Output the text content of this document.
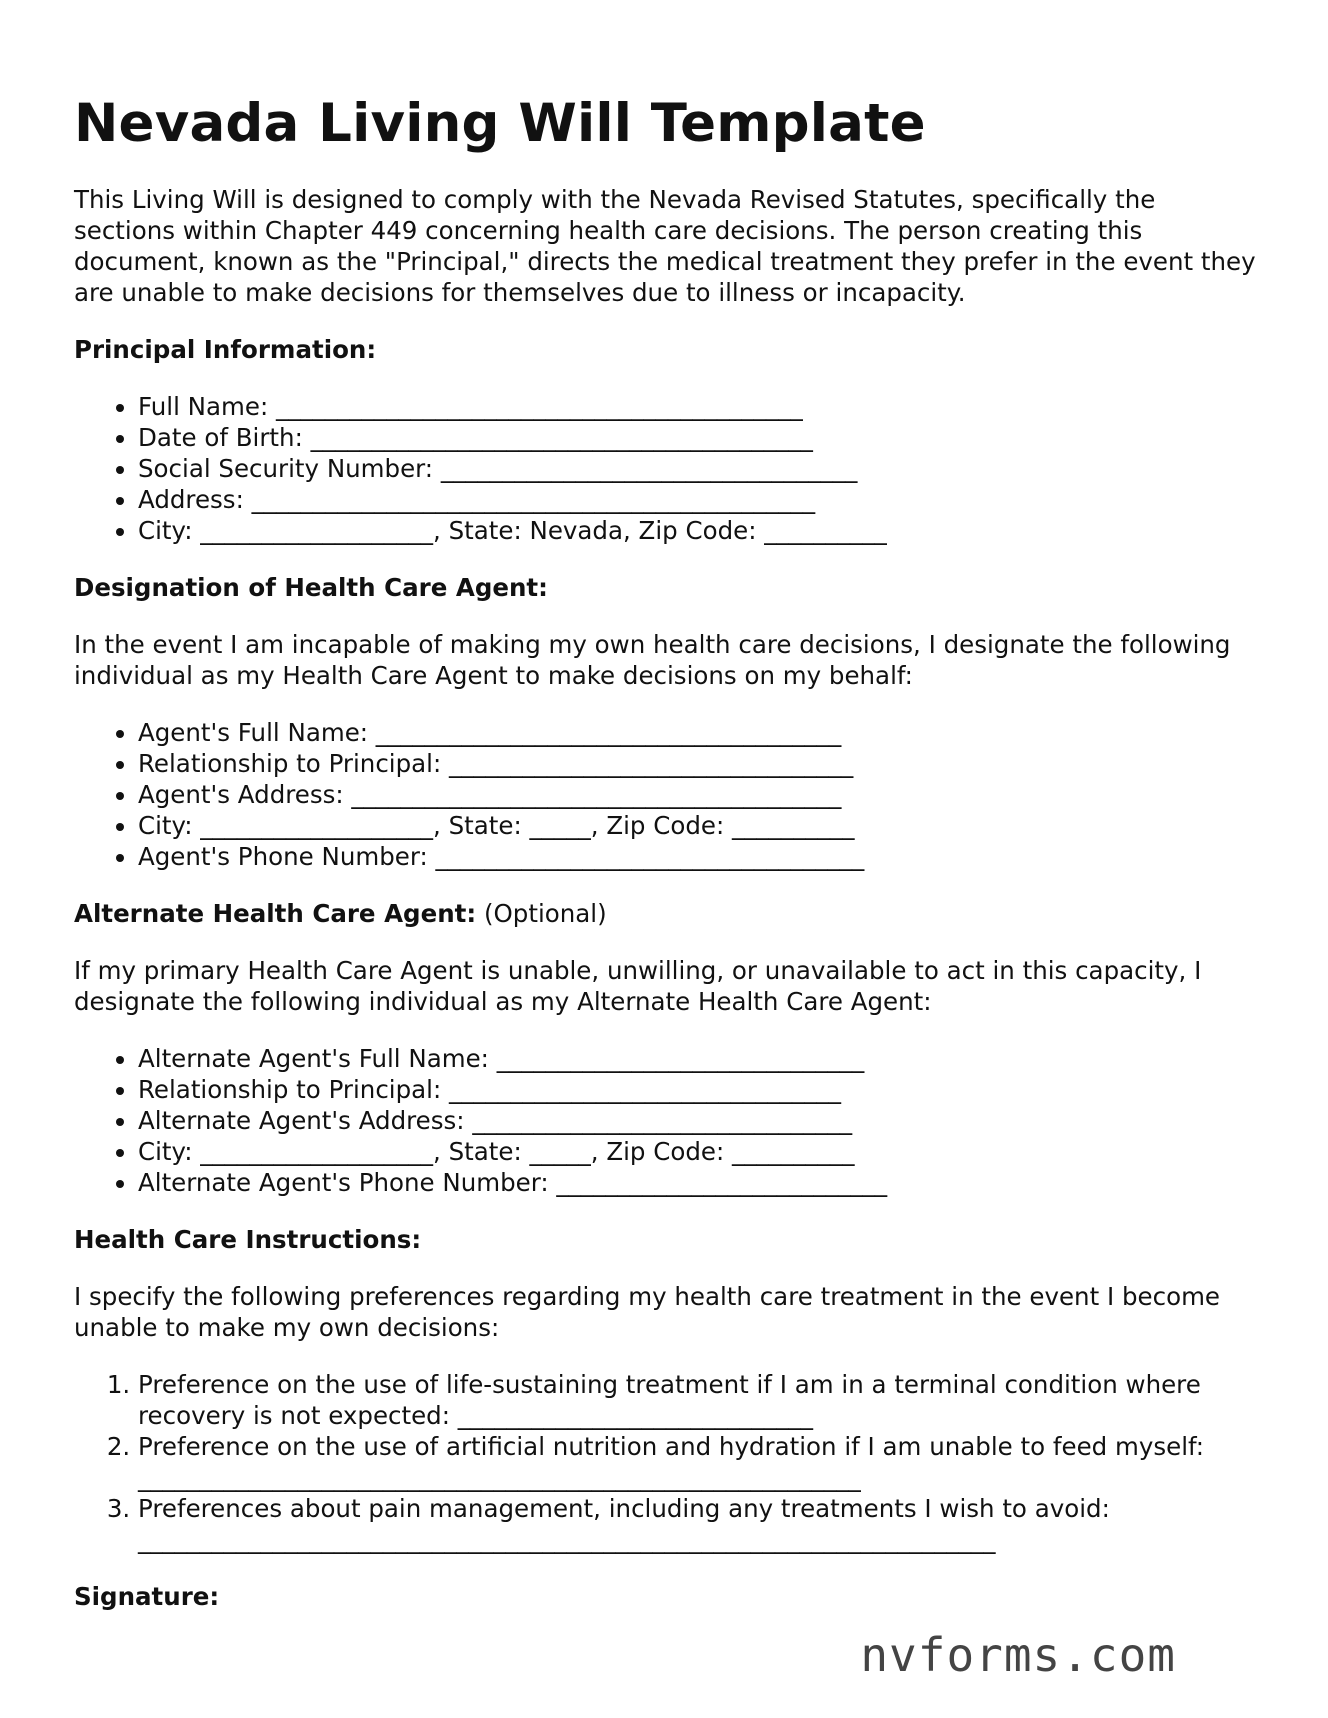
Nevada Living Will Template

This Living Will is designed to comply with the Nevada Revised Statutes, specifically the sections within Chapter 449 concerning health care decisions. The person creating this document, known as the "Principal," directs the medical treatment they prefer in the event they are unable to make decisions for themselves due to illness or incapacity.

Principal Information:
• Full Name: ___________________________________________
• Date of Birth: _________________________________________
• Social Security Number: __________________________________
• Address: ______________________________________________
• City: ___________________, State: Nevada, Zip Code: __________
Designation of Health Care Agent:

In the event I am incapable of making my own health care decisions, I designate the following individual as my Health Care Agent to make decisions on my behalf:

• Agent's Full Name: ______________________________________
• Relationship to Principal: _________________________________
• Agent's Address: ________________________________________
• City: ___________________, State: _____, Zip Code: __________
• Agent's Phone Number: ___________________________________
Alternate Health Care Agent: (Optional)

If my primary Health Care Agent is unable, unwilling, or unavailable to act in this capacity, I designate the following individual as my Alternate Health Care Agent:

• Alternate Agent's Full Name: ______________________________
• Relationship to Principal: ________________________________
• Alternate Agent's Address: _______________________________
• City: ___________________, State: _____, Zip Code: __________
• Alternate Agent's Phone Number: ___________________________
Health Care Instructions:

I specify the following preferences regarding my health care treatment in the event I become unable to make my own decisions:

1. Preference on the use of life-sustaining treatment if I am in a terminal condition where recovery is not expected: _____________________________
2. Preference on the use of artificial nutrition and hydration if I am unable to feed myself: ___________________________________________________________
3. Preferences about pain management, including any treatments I wish to avoid: ______________________________________________________________________
Signature:
nvforms.com
